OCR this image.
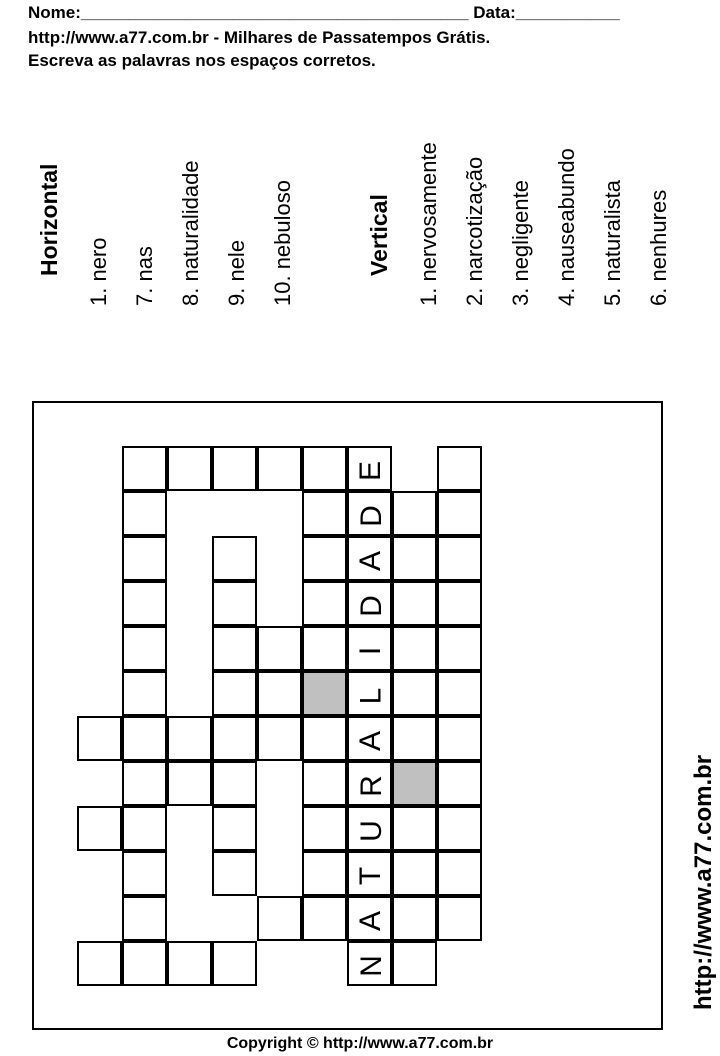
Nome:_________________________________________ Data:___________
http://www.a77.com.br - Milhares de Passatempos Grátis.
Escreva as palavras nos espaços corretos.
Horizontal 1. nero 7. nas 8. naturalidade 9. nele 10. nebuloso	Vertical 1. nervosamente 2. narcotização 3. negligente 4. nauseabundo 5. naturalista 6. nenhures
http://www.a77.com.br
E
D
A
D
I
L
A
R
U
T
A
N
Copyright © http://www.a77.com.br
